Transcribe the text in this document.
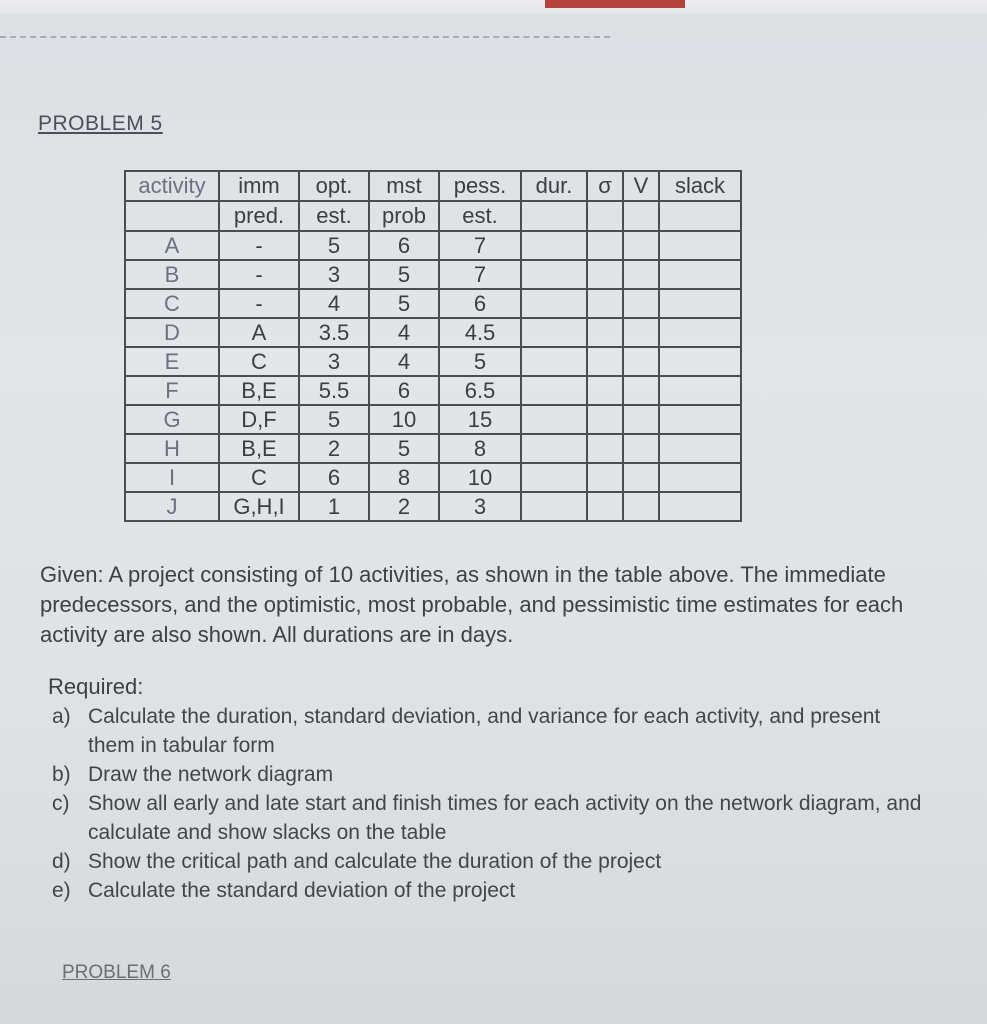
PROBLEM 5
activity	imm	opt.	mst	pess.	dur.	σ	V	slack
	pred.	est.	prob	est.				
A	-	5	6	7				
B	-	3	5	7				
C	-	4	5	6				
D	A	3.5	4	4.5				
E	C	3	4	5				
F	B,E	5.5	6	6.5				
G	D,F	5	10	15				
H	B,E	2	5	8				
I	C	6	8	10				
J	G,H,I	1	2	3				
Given: A project consisting of 10 activities, as shown in the table above. The immediate predecessors, and the optimistic, most probable, and pessimistic time estimates for each activity are also shown. All durations are in days.
Required:
a) Calculate the duration, standard deviation, and variance for each activity, and present them in tabular form
b) Draw the network diagram
c) Show all early and late start and finish times for each activity on the network diagram, and calculate and show slacks on the table
d) Show the critical path and calculate the duration of the project
e) Calculate the standard deviation of the project
PROBLEM 6
